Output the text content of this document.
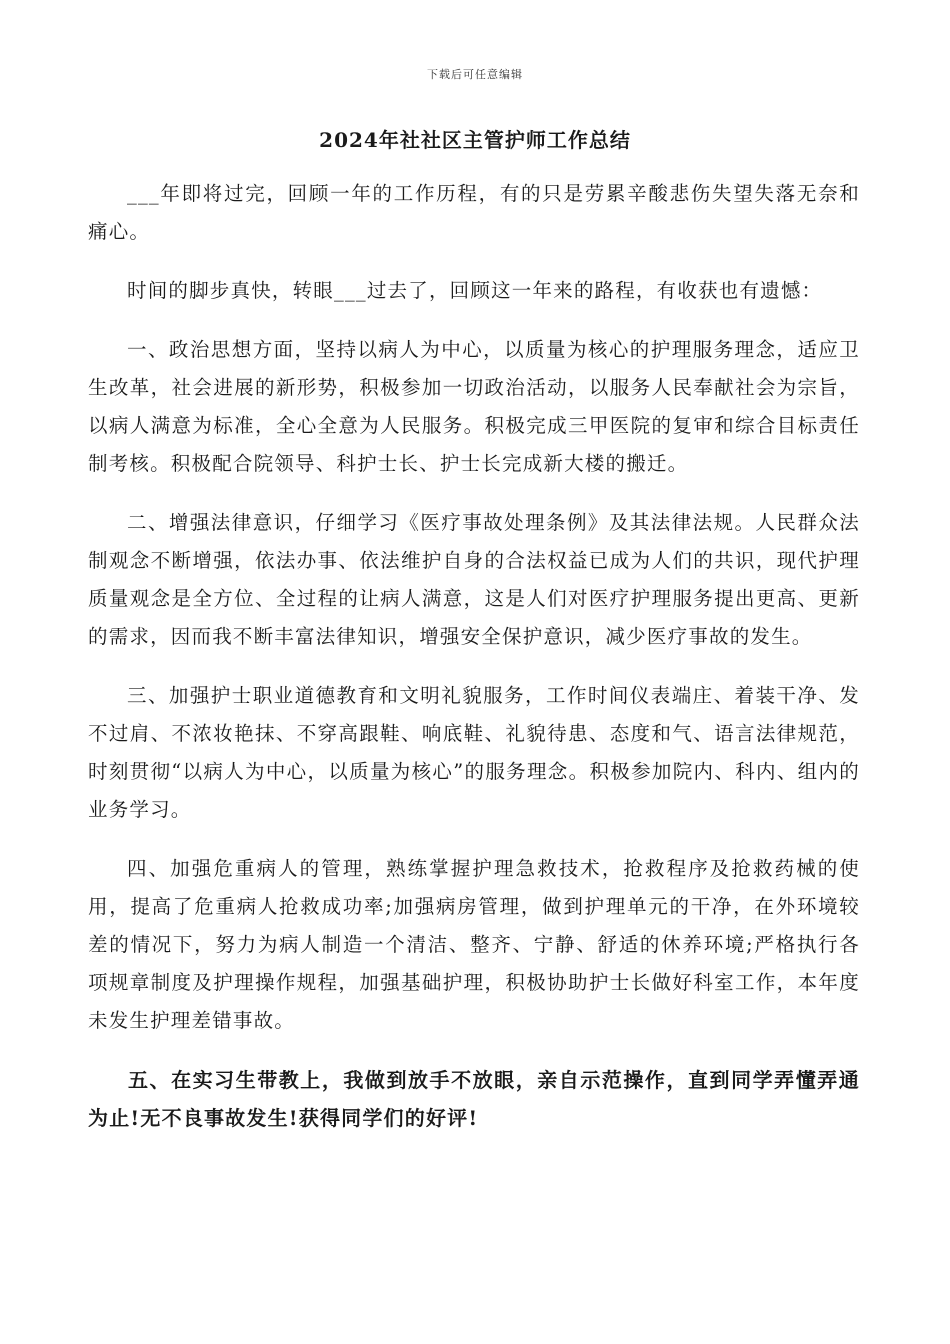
下载后可任意编辑
2024年社社区主管护师工作总结

___年即将过完，回顾一年的工作历程，有的只是劳累辛酸悲伤失望失落无奈和痛心。

时间的脚步真快，转眼___过去了，回顾这一年来的路程，有收获也有遗憾：

一、政治思想方面，坚持以病人为中心，以质量为核心的护理服务理念，适应卫生改革，社会进展的新形势，积极参加一切政治活动，以服务人民奉献社会为宗旨，以病人满意为标准，全心全意为人民服务。积极完成三甲医院的复审和综合目标责任制考核。积极配合院领导、科护士长、护士长完成新大楼的搬迁。

二、增强法律意识，仔细学习《医疗事故处理条例》及其法律法规。人民群众法制观念不断增强，依法办事、依法维护自身的合法权益已成为人们的共识，现代护理质量观念是全方位、全过程的让病人满意，这是人们对医疗护理服务提出更高、更新的需求，因而我不断丰富法律知识，增强安全保护意识，减少医疗事故的发生。

三、加强护士职业道德教育和文明礼貌服务，工作时间仪表端庄、着装干净、发不过肩、不浓妆艳抹、不穿高跟鞋、响底鞋、礼貌待患、态度和气、语言法律规范，时刻贯彻“以病人为中心，以质量为核心”的服务理念。积极参加院内、科内、组内的业务学习。

四、加强危重病人的管理，熟练掌握护理急救技术，抢救程序及抢救药械的使用，提高了危重病人抢救成功率;加强病房管理，做到护理单元的干净，在外环境较差的情况下，努力为病人制造一个清洁、整齐、宁静、舒适的休养环境;严格执行各项规章制度及护理操作规程，加强基础护理，积极协助护士长做好科室工作，本年度未发生护理差错事故。

五、在实习生带教上，我做到放手不放眼，亲自示范操作，直到同学弄懂弄通为止!无不良事故发生!获得同学们的好评!
